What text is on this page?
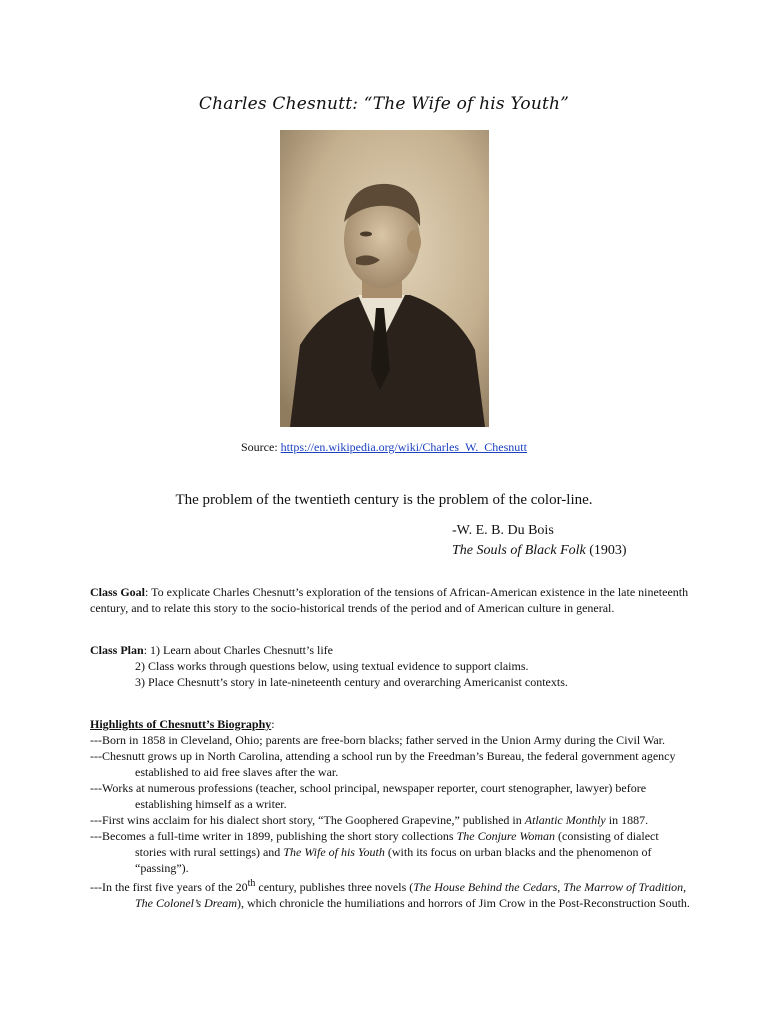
Charles Chesnutt: “The Wife of his Youth”
Source: https://en.wikipedia.org/wiki/Charles_W._Chesnutt
The problem of the twentieth century is the problem of the color-line.
-W. E. B. Du Bois
The Souls of Black Folk (1903)
Class Goal: To explicate Charles Chesnutt’s exploration of the tensions of African-American existence in the late nineteenth century, and to relate this story to the socio-historical trends of the period and of American culture in general.
Class Plan: 1) Learn about Charles Chesnutt’s life
2) Class works through questions below, using textual evidence to support claims.
3) Place Chesnutt’s story in late-nineteenth century and overarching Americanist contexts.
Highlights of Chesnutt’s Biography:
---Born in 1858 in Cleveland, Ohio; parents are free-born blacks; father served in the Union Army during the Civil War.
---Chesnutt grows up in North Carolina, attending a school run by the Freedman’s Bureau, the federal government agency established to aid free slaves after the war.
---Works at numerous professions (teacher, school principal, newspaper reporter, court stenographer, lawyer) before establishing himself as a writer.
---First wins acclaim for his dialect short story, “The Goophered Grapevine,” published in Atlantic Monthly in 1887.
---Becomes a full-time writer in 1899, publishing the short story collections The Conjure Woman (consisting of dialect stories with rural settings) and The Wife of his Youth (with its focus on urban blacks and the phenomenon of “passing”).
---In the first five years of the 20th century, publishes three novels (The House Behind the Cedars, The Marrow of Tradition, The Colonel’s Dream), which chronicle the humiliations and horrors of Jim Crow in the Post-Reconstruction South.
